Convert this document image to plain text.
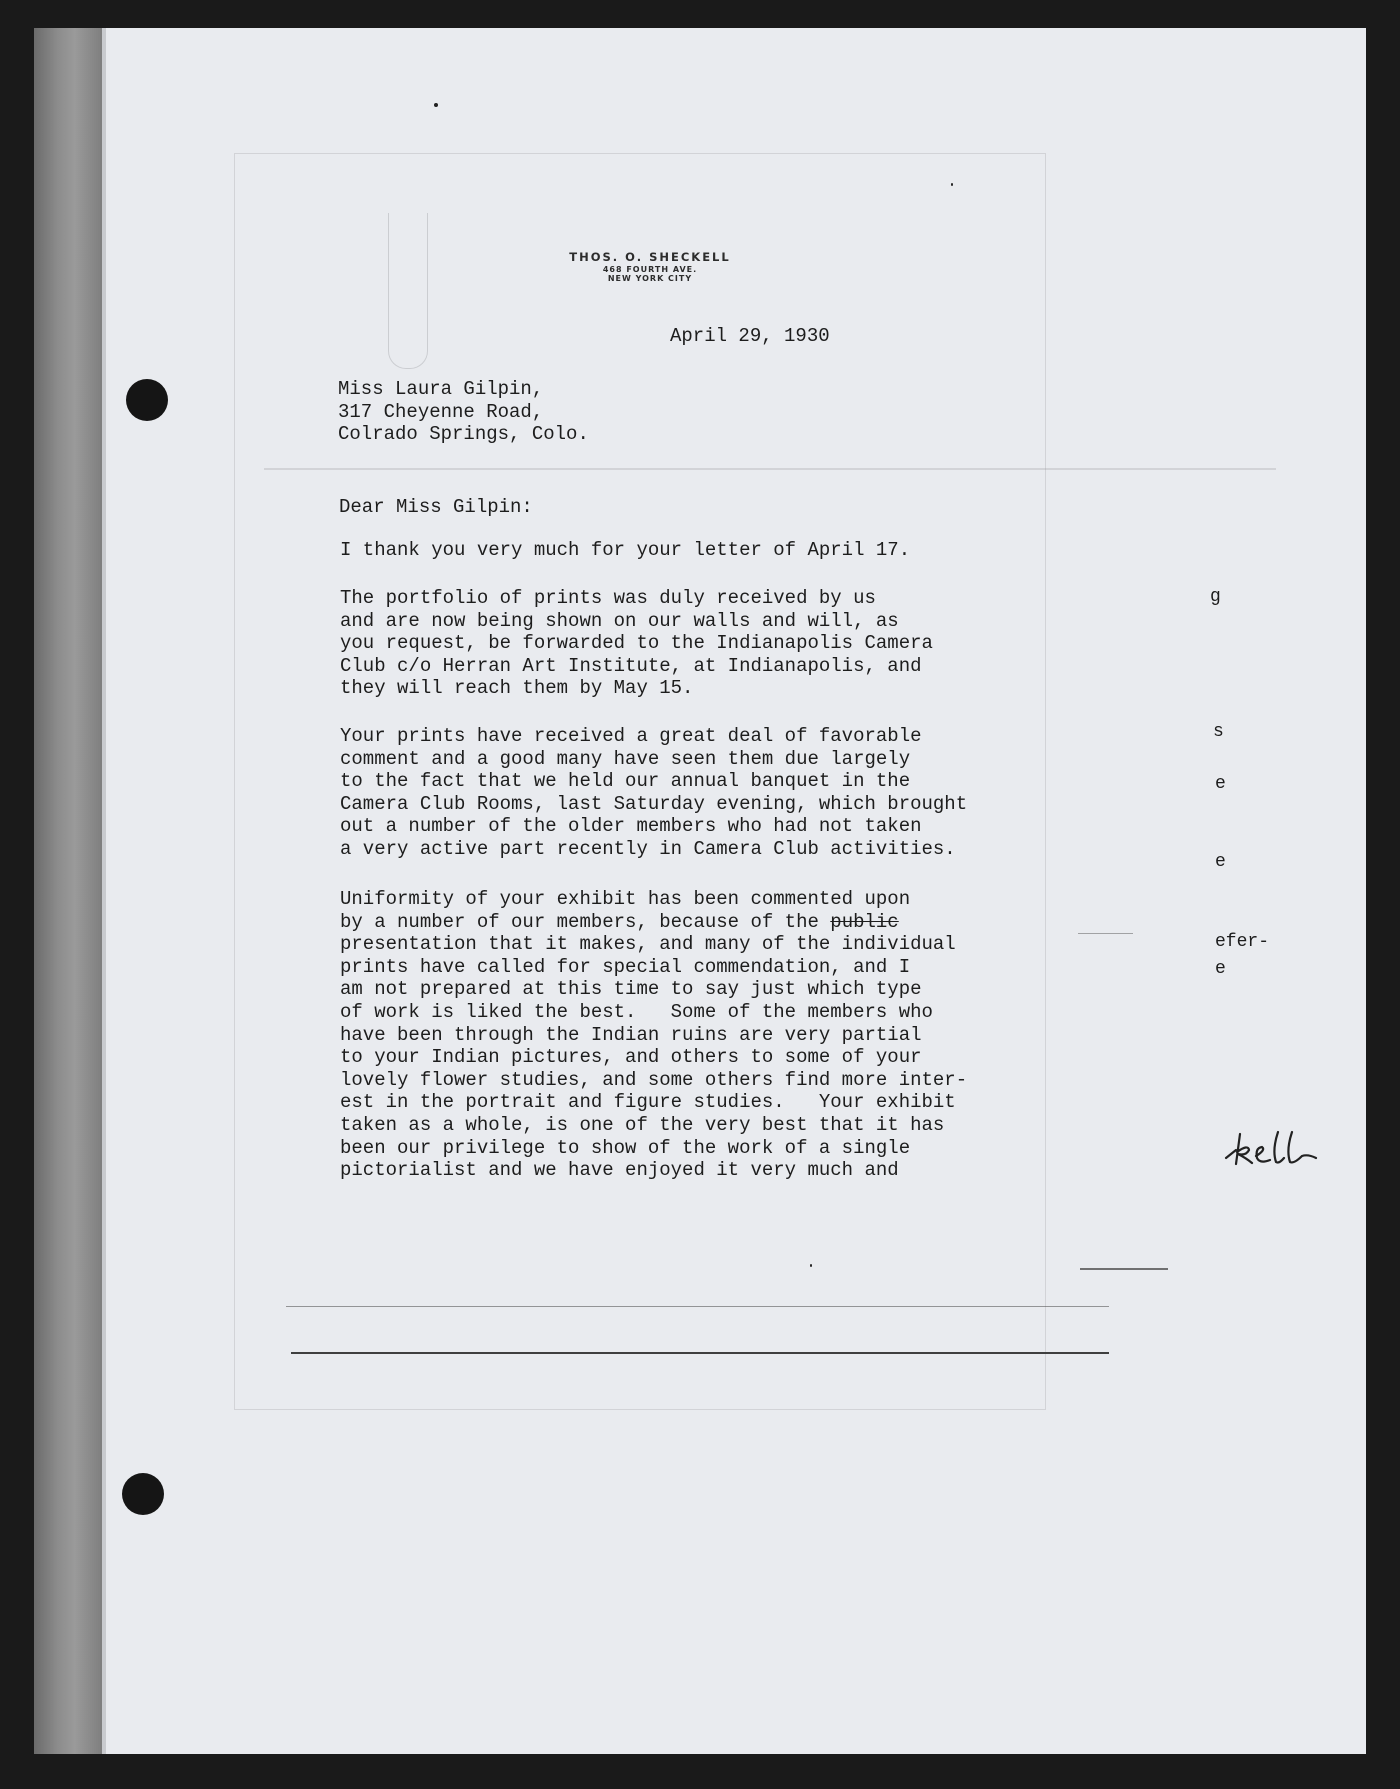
THOS. O. SHECKELL
468 FOURTH AVE.
NEW YORK CITY
April 29, 1930
Miss Laura Gilpin,
317 Cheyenne Road,
Colrado Springs, Colo.
Dear Miss Gilpin:
I thank you very much for your letter of April 17.
The portfolio of prints was duly received by us
and are now being shown on our walls and will, as
you request, be forwarded to the Indianapolis Camera
Club c/o Herran Art Institute, at Indianapolis, and
they will reach them by May 15.
Your prints have received a great deal of favorable
comment and a good many have seen them due largely
to the fact that we held our annual banquet in the
Camera Club Rooms, last Saturday evening, which brought
out a number of the older members who had not taken
a very active part recently in Camera Club activities.
Uniformity of your exhibit has been commented upon
by a number of our members, because of the public
presentation that it makes, and many of the individual
prints have called for special commendation, and I
am not prepared at this time to say just which type
of work is liked the best.   Some of the members who
have been through the Indian ruins are very partial
to your Indian pictures, and others to some of your
lovely flower studies, and some others find more inter-
est in the portrait and figure studies.   Your exhibit
taken as a whole, is one of the very best that it has
been our privilege to show of the work of a single
pictorialist and we have enjoyed it very much and
g
s
e
e
efer-
e
